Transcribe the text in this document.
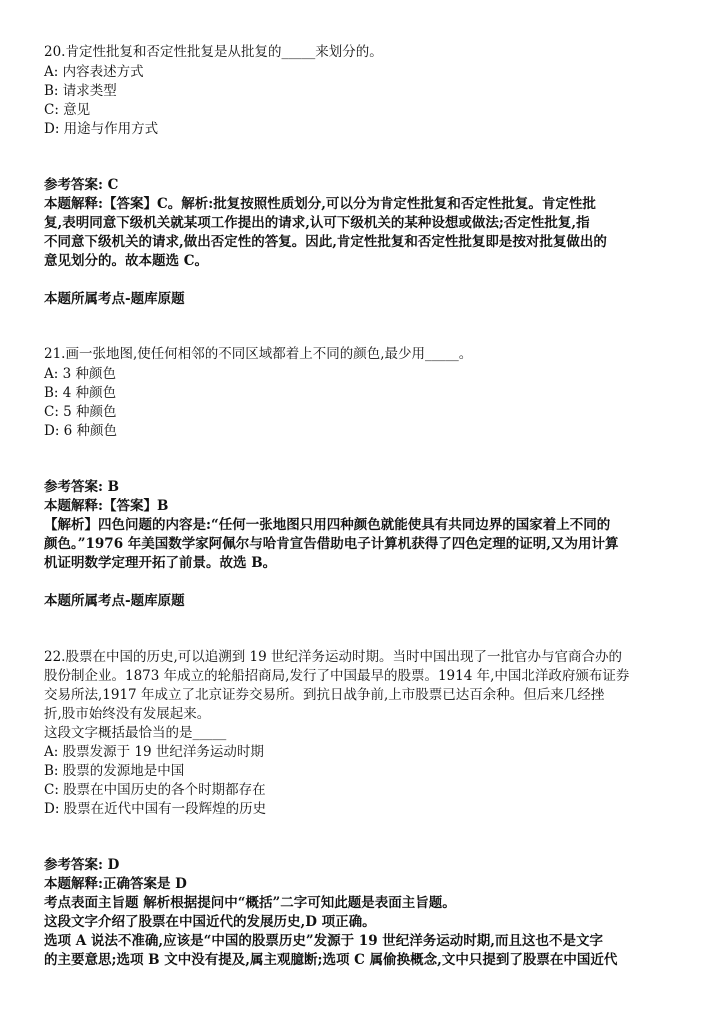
20.肯定性批复和否定性批复是从批复的_____来划分的。
A: 内容表述方式
B: 请求类型
C: 意见
D: 用途与作用方式
参考答案: C
本题解释:【答案】C。解析:批复按照性质划分,可以分为肯定性批复和否定性批复。肯定性批
复,表明同意下级机关就某项工作提出的请求,认可下级机关的某种设想或做法;否定性批复,指
不同意下级机关的请求,做出否定性的答复。因此,肯定性批复和否定性批复即是按对批复做出的
意见划分的。故本题选 C。
本题所属考点-题库原题
21.画一张地图,使任何相邻的不同区域都着上不同的颜色,最少用_____。
A: 3 种颜色
B: 4 种颜色
C: 5 种颜色
D: 6 种颜色
参考答案: B
本题解释:【答案】B
【解析】四色问题的内容是:“任何一张地图只用四种颜色就能使具有共同边界的国家着上不同的
颜色。”1976 年美国数学家阿佩尔与哈肯宣告借助电子计算机获得了四色定理的证明,又为用计算
机证明数学定理开拓了前景。故选 B。
本题所属考点-题库原题
22.股票在中国的历史,可以追溯到 19 世纪洋务运动时期。当时中国出现了一批官办与官商合办的
股份制企业。1873 年成立的轮船招商局,发行了中国最早的股票。1914 年,中国北洋政府颁布证券
交易所法,1917 年成立了北京证券交易所。到抗日战争前,上市股票已达百余种。但后来几经挫
折,股市始终没有发展起来。
这段文字概括最恰当的是_____
A: 股票发源于 19 世纪洋务运动时期
B: 股票的发源地是中国
C: 股票在中国历史的各个时期都存在
D: 股票在近代中国有一段辉煌的历史
参考答案: D
本题解释:正确答案是 D
考点表面主旨题 解析根据提问中“概括”二字可知此题是表面主旨题。
这段文字介绍了股票在中国近代的发展历史,D 项正确。
选项 A 说法不准确,应该是“中国的股票历史”发源于 19 世纪洋务运动时期,而且这也不是文字
的主要意思;选项 B 文中没有提及,属主观臆断;选项 C 属偷换概念,文中只提到了股票在中国近代
